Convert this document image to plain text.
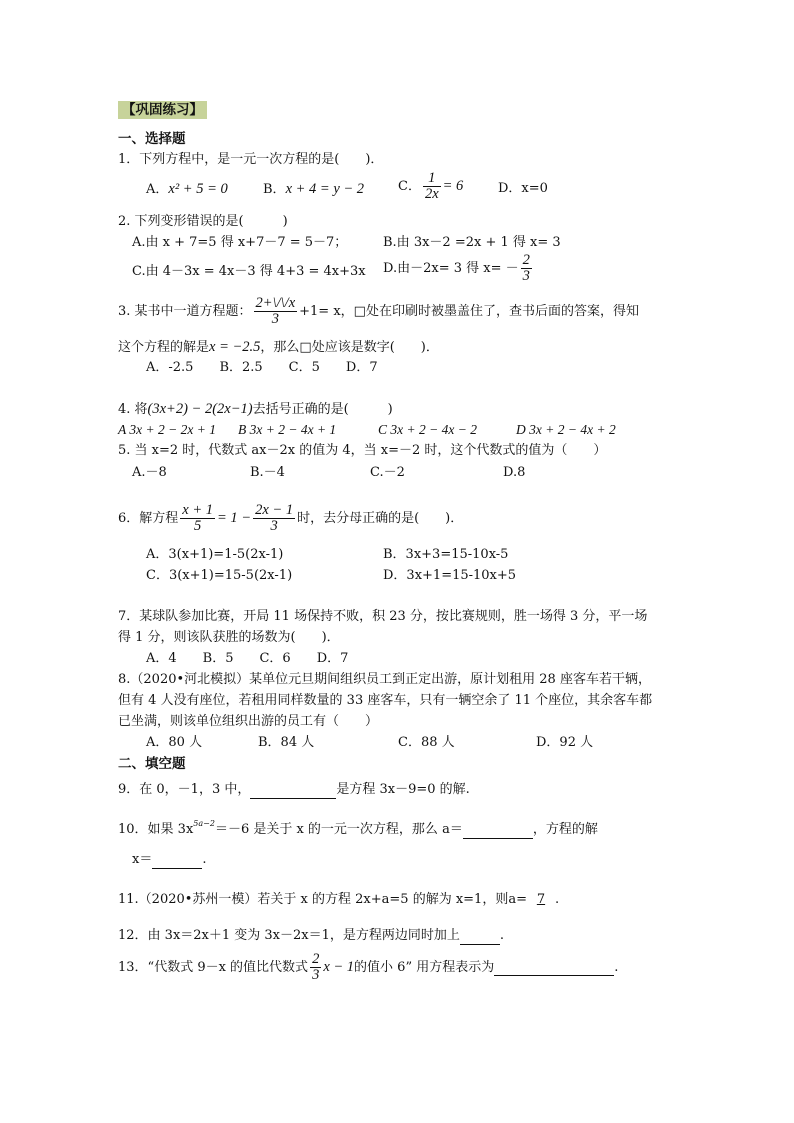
【巩固练习】
一、选择题
1．下列方程中，是一元一次方程的是(　　)．
A．x² + 5 = 0	B．x + 4 = y − 2	C． $\frac{1}{2x} = 6$	D．x=0
2. 下列变形错误的是(　　　)
A.由 x + 7=5 得 x+7－7 = 5－7；	B.由 3x－2 =2x + 1 得 x= 3
C.由 4－3x = 4x－3 得 4+3 = 4x+3x D.由－2x= 3 得 $x= - \frac{2}{3}$
3. 某书中一道方程题： $\frac{2+\backslash/\backslash/x}{3} +1= x$，□处在印刷时被墨盖住了，查书后面的答案，得知
这个方程的解是x = −2.5，那么□处应该是数字(　　)．
A．-2.5　　B．2.5　　C．5　　D．7
4. 将(3x+2) − 2(2x−1)去括号正确的是(　　　)
A 3x + 2 − 2x + 1 B 3x + 2 − 4x + 1	C 3x + 2 − 4x − 2	D 3x + 2 − 4x + 2
5. 当 x=2 时，代数式 ax－2x 的值为 4，当 x=－2 时，这个代数式的值为（　　）
A.－8	B.－4	C.－2	D.8
6．解方程 $\frac{x + 1}{5} = 1 - \frac{2x - 1}{3}$ 时，去分母正确的是(　　)．
A．3(x+1)=1-5(2x-1)	B．3x+3=15-10x-5
C．3(x+1)=15-5(2x-1)	D．3x+1=15-10x+5
7．某球队参加比赛，开局 11 场保持不败，积 23 分，按比赛规则，胜一场得 3 分，平一场
得 1 分，则该队获胜的场数为(　　)．
A．4　　B．5　　C．6　　D．7
8.（2020•河北模拟）某单位元旦期间组织员工到正定出游，原计划租用 28 座客车若干辆，
但有 4 人没有座位，若租用同样数量的 33 座客车，只有一辆空余了 11 个座位，其余客车都
已坐满，则该单位组织出游的员工有（　　）
A．80 人	B．84 人	C．88 人	D．92 人
二、填空题
9．在 0，－1，3 中，	是方程 3x－9=0 的解.
10．如果 $3x^{5a-2}=-6$ 是关于 x 的一元一次方程，那么 a＝	，方程的解
x＝	.
11.（2020•苏州一模）若关于 x 的方程 2x+a=5 的解为 x=1，则a= 7 .
12．由 3x＝2x＋1 变为 3x－2x＝1，是方程两边同时加上	.
13．“代数式 9－x 的值比代数式 $\frac{2}{3}$ x − 1的值小 6” 用方程表示为	.
